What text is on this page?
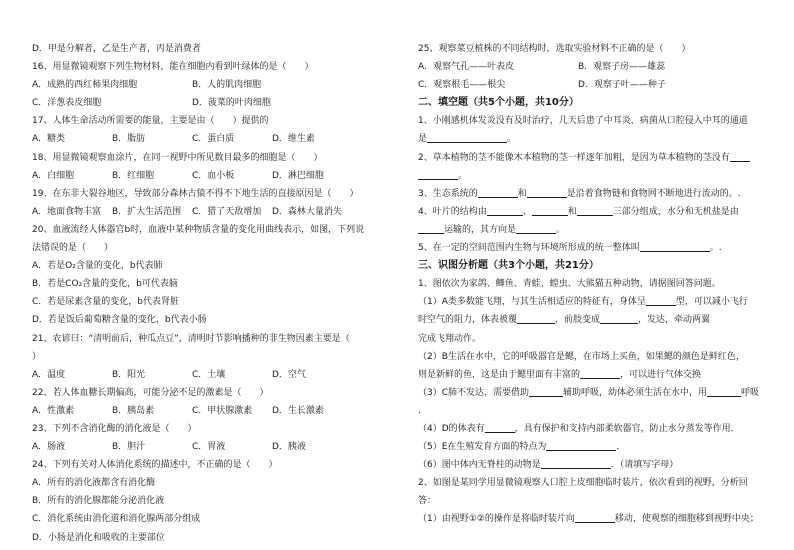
D．甲是分解者，乙是生产者，丙是消费者
16、用显微镜观察下列生物材料，能在细胞内看到叶绿体的是（　　）
A．成熟的西红柿果肉细胞	B．人的肌肉细胞
C．洋葱表皮细胞	D．菠菜的叶肉细胞
17、人体生命活动所需要的能量，主要是由（　　）提供的
A．糖类	B．脂肪	C．蛋白质	D．维生素
18、用显微镜观察血涂片，在同一视野中所见数目最多的细胞是（　　）
A．白细胞	B．红细胞	C．血小板	D．淋巴细胞
19、在东非大裂谷地区，导致部分森林古猿不得不下地生活的直接原因是（　　）
A．地面食物丰富	B．扩大生活范围	C．猎了天敌增加	D．森林大量消失
20、血液流经人体器官b时，血液中某种物质含量的变化用曲线表示，如图，下列说
法错误的是（　　）
A．若是O₂含量的变化，b代表肺
B．若是CO₂含量的变化，b可代表脑
C．若是尿素含量的变化，b代表肾脏
D．若是饭后葡萄糖含量的变化，b代表小肠
21、农谚曰：“清明前后，种瓜点豆”，清明时节影响播种的非生物因素主要是（
）
A．温度	B．阳光	C．土壤	D．空气
22、若人体血糖长期偏高，可能分泌不足的激素是（　　）
A．性激素	B．胰岛素	C．甲状腺激素	D．生长激素
23、下列不含消化酶的消化液是（　　）
A．肠液	B．胆汁	C．胃液	D．胰液
24、下列有关对人体消化系统的描述中，不正确的是（　　）
A．所有的消化液都含有消化酶
B．所有的消化腺都能分泌消化液
C．消化系统由消化道和消化腺两部分组成
D．小肠是消化和吸收的主要部位
25、观察菜豆植株的不同结构时，选取实验材料不正确的是（　　）
A．观察气孔——叶表皮	B．观察子房——雄蕊
C．观察根毛——根尖	D．观察子叶——种子
二、填空题（共5个小题，共10分）
1、小刚感机体发炎没有及时治疗，几天后患了中耳炎，病菌从口腔侵入中耳的通道
是	。
2、草本植物的茎不能像木本植物的茎一样逐年加粗，是因为草本植物的茎没有
。
3、生态系统的	和	是沿着食物链和食物网不断地进行流动的。.
4、叶片的结构由	、	和	三部分组成，水分和无机盐是由
运输的，其方向是	。
5、在一定的空间范围内生物与环境所形成的统一整体叫	。.
三、识图分析题（共3个小题，共21分）
1、图依次为家鸽、鲫鱼、青蛙、蝗虫、大熊猫五种动物，请据图回答问题。
（1）A类多数能飞翔，与其生活相适应的特征有，身体呈	型，可以减小飞行
时空气的阻力，体表被覆	，前肢变成	，发达，牵动两翼
完成飞翔动作。
（2）B生活在水中，它的呼吸器官是鳃，在市场上买鱼，如果鳃的颜色是鲜红色，
则是新鲜的鱼，这是由于鳃里面有丰富的	，可以进行气体交换
（3）C肺不发达，需要借助	辅助呼吸，幼体必须生活在水中，用	呼吸
．
（4）D的体表有	，具有保护和支持内部柔软器官，防止水分蒸发等作用．
（5）E在生殖发育方面的特点为	．
（6）图中体内无脊柱的动物是	．（请填写字母）
2、如图是某同学用显微镜观察人口腔上皮细胞临时装片，依次看到的视野，分析回
答：
（1）由视野①②的操作是将临时装片向	移动，使观察的细胞移到视野中央；
